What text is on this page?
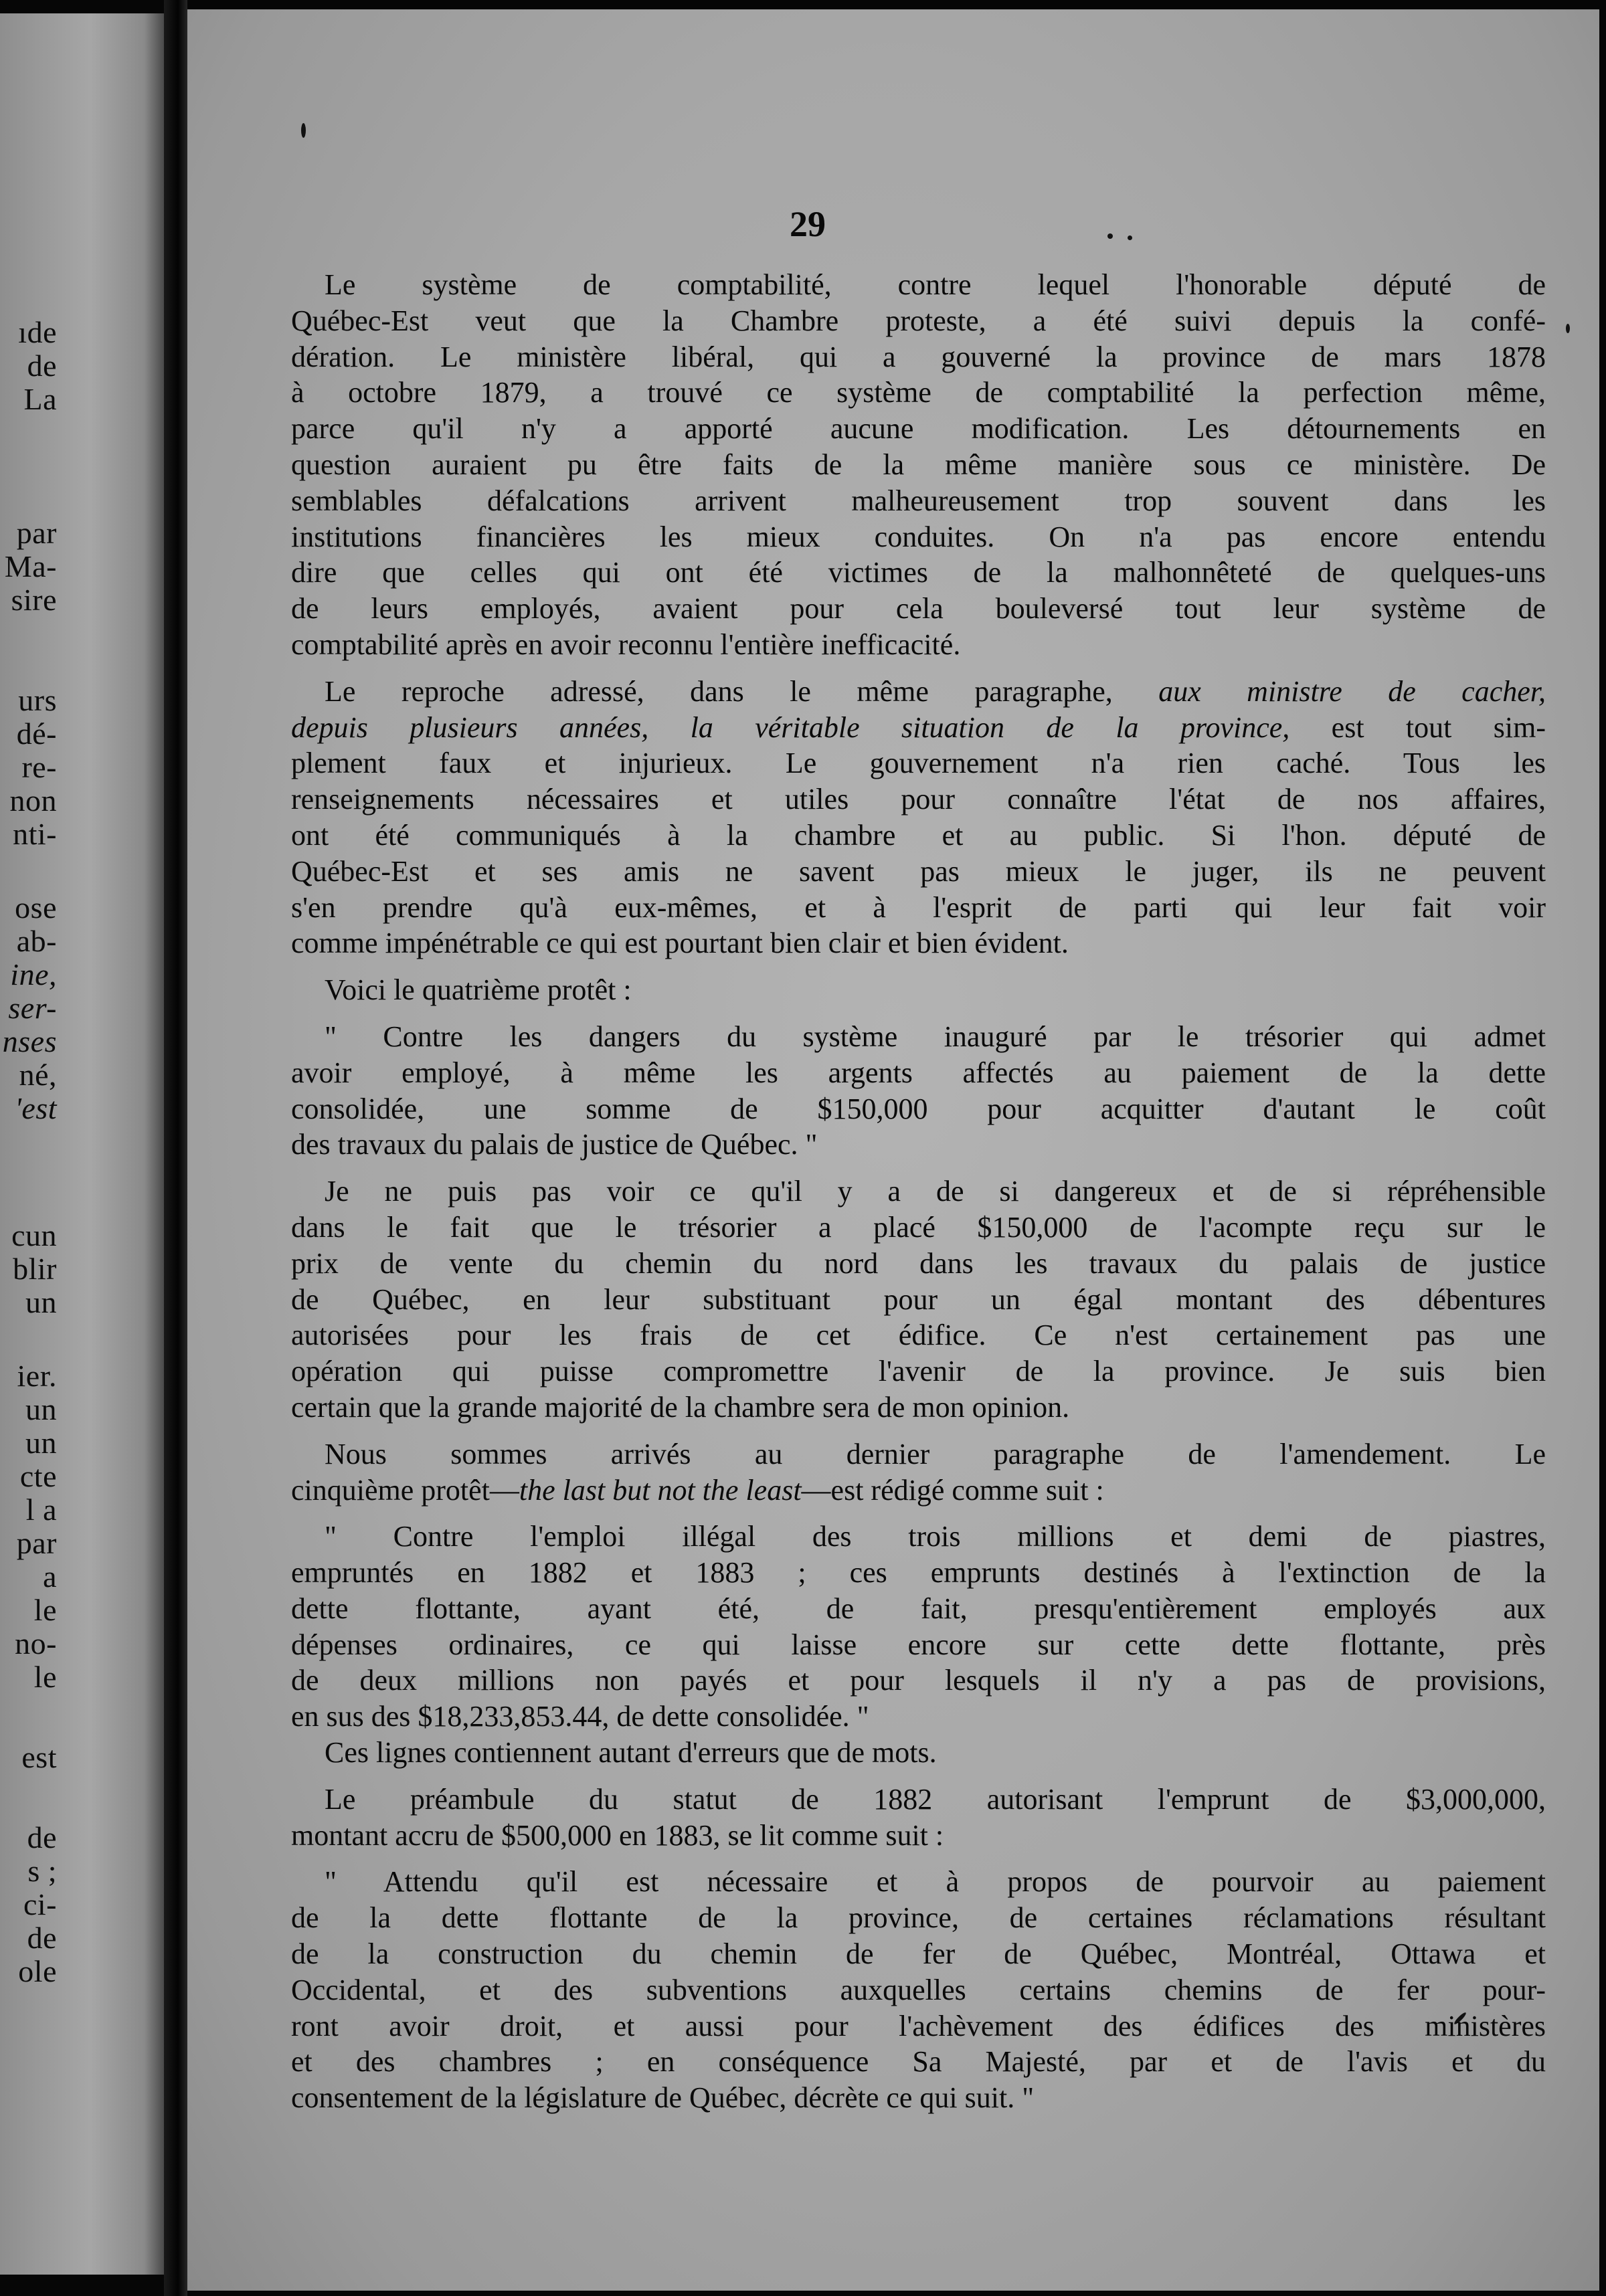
ıde
de
La
par
Ma-
sire
urs
dé-
re-
non
nti-
ose
ab-
ine,
ser-
nses
né,
'est
cun
blir
un
ier.
un
un
cte
l a
par
a
le
no-
le
est
de
s ;
ci-
de
ole
29
Le système de comptabilité, contre lequel l'honorable député de
Québec-Est veut que la Chambre proteste, a été suivi depuis la confé-
dération. Le ministère libéral, qui a gouverné la province de mars 1878
à octobre 1879, a trouvé ce système de comptabilité la perfection même,
parce qu'il n'y a apporté aucune modification. Les détournements en
question auraient pu être faits de la même manière sous ce ministère. De
semblables défalcations arrivent malheureusement trop souvent dans les
institutions financières les mieux conduites. On n'a pas encore entendu
dire que celles qui ont été victimes de la malhonnêteté de quelques-uns
de leurs employés, avaient pour cela bouleversé tout leur système de
comptabilité après en avoir reconnu l'entière inefficacité.
Le reproche adressé, dans le même paragraphe, aux ministre de cacher,
depuis plusieurs années, la véritable situation de la province, est tout sim-
plement faux et injurieux. Le gouvernement n'a rien caché. Tous les
renseignements nécessaires et utiles pour connaître l'état de nos affaires,
ont été communiqués à la chambre et au public. Si l'hon. député de
Québec-Est et ses amis ne savent pas mieux le juger, ils ne peuvent
s'en prendre qu'à eux-mêmes, et à l'esprit de parti qui leur fait voir
comme impénétrable ce qui est pourtant bien clair et bien évident.
Voici le quatrième protêt :
" Contre les dangers du système inauguré par le trésorier qui admet
avoir employé, à même les argents affectés au paiement de la dette
consolidée, une somme de $150,000 pour acquitter d'autant le coût
des travaux du palais de justice de Québec. "
Je ne puis pas voir ce qu'il y a de si dangereux et de si répréhensible
dans le fait que le trésorier a placé $150,000 de l'acompte reçu sur le
prix de vente du chemin du nord dans les travaux du palais de justice
de Québec, en leur substituant pour un égal montant des débentures
autorisées pour les frais de cet édifice. Ce n'est certainement pas une
opération qui puisse compromettre l'avenir de la province. Je suis bien
certain que la grande majorité de la chambre sera de mon opinion.
Nous sommes arrivés au dernier paragraphe de l'amendement. Le
cinquième protêt—the last but not the least—est rédigé comme suit :
" Contre l'emploi illégal des trois millions et demi de piastres,
empruntés en 1882 et 1883 ; ces emprunts destinés à l'extinction de la
dette flottante, ayant été, de fait, presqu'entièrement employés aux
dépenses ordinaires, ce qui laisse encore sur cette dette flottante, près
de deux millions non payés et pour lesquels il n'y a pas de provisions,
en sus des $18,233,853.44, de dette consolidée. "
Ces lignes contiennent autant d'erreurs que de mots.
Le préambule du statut de 1882 autorisant l'emprunt de $3,000,000,
montant accru de $500,000 en 1883, se lit comme suit :
" Attendu qu'il est nécessaire et à propos de pourvoir au paiement
de la dette flottante de la province, de certaines réclamations résultant
de la construction du chemin de fer de Québec, Montréal, Ottawa et
Occidental, et des subventions auxquelles certains chemins de fer pour-
ront avoir droit, et aussi pour l'achèvement des édifices des ministères
et des chambres ; en conséquence Sa Majesté, par et de l'avis et du
consentement de la législature de Québec, décrète ce qui suit. "
